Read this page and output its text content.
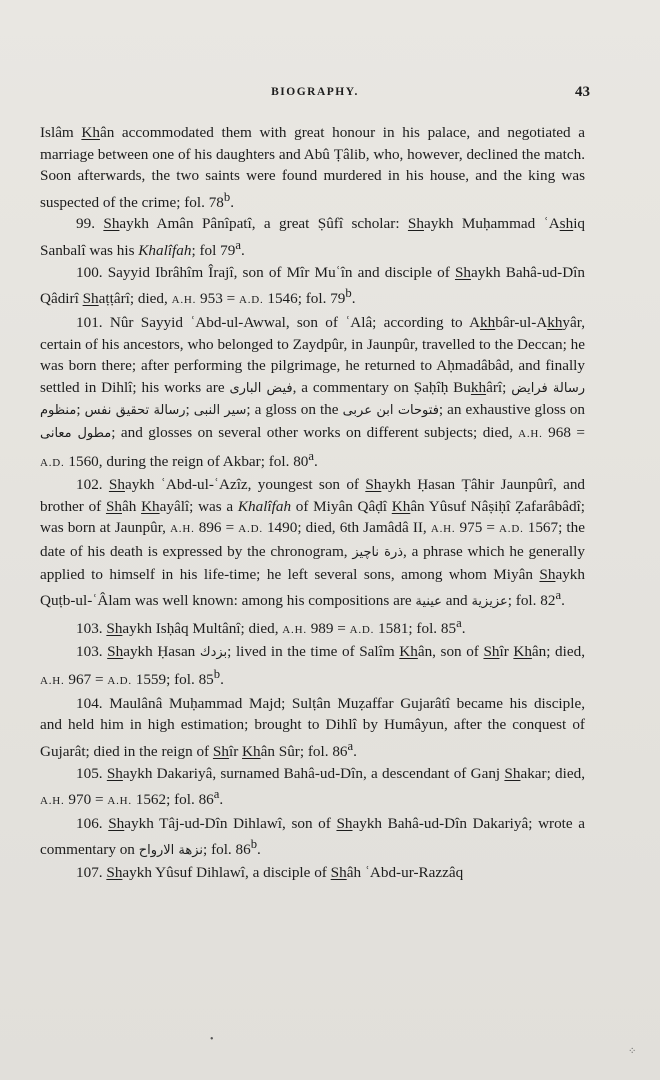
BIOGRAPHY.	43

Islâm Khân accommodated them with great honour in his palace, and negotiated a marriage between one of his daughters and Abû Ṭâlib, who, however, declined the match. Soon afterwards, the two saints were found murdered in his house, and the king was suspected of the crime; fol. 78$^b$.

99. Shaykh Amân Pânîpatî, a great Ṣûfî scholar: Shaykh Muḥammad ʿAshiq Sanbalî was his Khalîfah; fol 79$^a$.

100. Sayyid Ibrâhîm Îrajî, son of Mîr Muʿîn and disciple of Shaykh Bahâ-ud-Dîn Qâdirî Shaṭṭârî; died, A.H. 953 = A.D. 1546; fol. 79$^b$.

101. Nûr Sayyid ʿAbd-ul-Awwal, son of ʿAlâ; according to Akhbâr-ul-Akhyâr, certain of his ancestors, who belonged to Zaydpûr, in Jaunpûr, travelled to the Deccan; he was born there; after performing the pilgrimage, he returned to Aḥmadâbâd, and finally settled in Dihlî; his works are فيض البارى, a commentary on Ṣaḥîḥ Bukhârî; رسالة فرايض منظوم; رسالة تحقيق نفس; سير النبى; a gloss on the فتوحات ابن عربى; an exhaustive gloss on مطول معانى; and glosses on several other works on different subjects; died, A.H. 968 = A.D. 1560, during the reign of Akbar; fol. 80$^a$.

102. Shaykh ʿAbd-ul-ʿAzîz, youngest son of Shaykh Ḥasan Ṭâhir Jaunpûrî, and brother of Shâh Khayâlî; was a Khalîfah of Miyân Qâḍî Khân Yûsuf Nâṣiḥî Ẓafarâbâdî; was born at Jaunpûr, A.H. 896 = A.D. 1490; died, 6th Jamâdâ II, A.H. 975 = A.D. 1567; the date of his death is expressed by the chronogram, ذرة ناچيز, a phrase which he generally applied to himself in his life-time; he left several sons, among whom Miyân Shaykh Quṭb-ul-ʿÂlam was well known: among his compositions are عينية and عزيزية; fol. 82$^a$.

103. Shaykh Isḥâq Multânî; died, A.H. 989 = A.D. 1581; fol. 85$^a$.

103. Shaykh Ḥasan بزدك; lived in the time of Salîm Khân, son of Shîr Khân; died, A.H. 967 = A.D. 1559; fol. 85$^b$.

104. Maulânâ Muḥammad Majd; Sulṭân Muẓaffar Gujarâtî became his disciple, and held him in high estimation; brought to Dihlî by Humâyun, after the conquest of Gujarât; died in the reign of Shîr Khân Sûr; fol. 86$^a$.

105. Shaykh Dakariyâ, surnamed Bahâ-ud-Dîn, a descendant of Ganj Shakar; died, A.H. 970 = A.H. 1562; fol. 86$^a$.

106. Shaykh Tâj-ud-Dîn Dihlawî, son of Shaykh Bahâ-ud-Dîn Dakariyâ; wrote a commentary on نزهة الارواح; fol. 86$^b$.

107. Shaykh Yûsuf Dihlawî, a disciple of Shâh ʿAbd-ur-Razzâq

•
⁘
